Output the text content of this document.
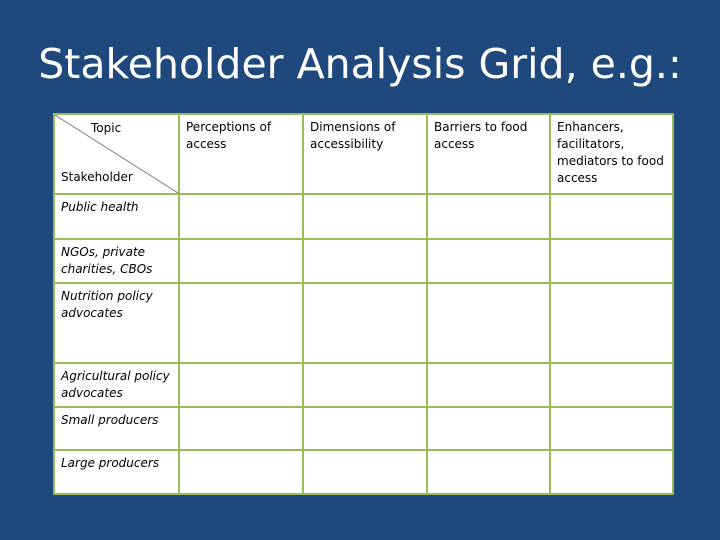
Stakeholder Analysis Grid, e.g.:
Topic
Stakeholder	Perceptions of access	Dimensions of accessibility	Barriers to food access	Enhancers, facilitators, mediators to food access
Public health				
NGOs, private charities, CBOs				
Nutrition policy advocates				
Agricultural policy advocates				
Small producers				
Large producers				
